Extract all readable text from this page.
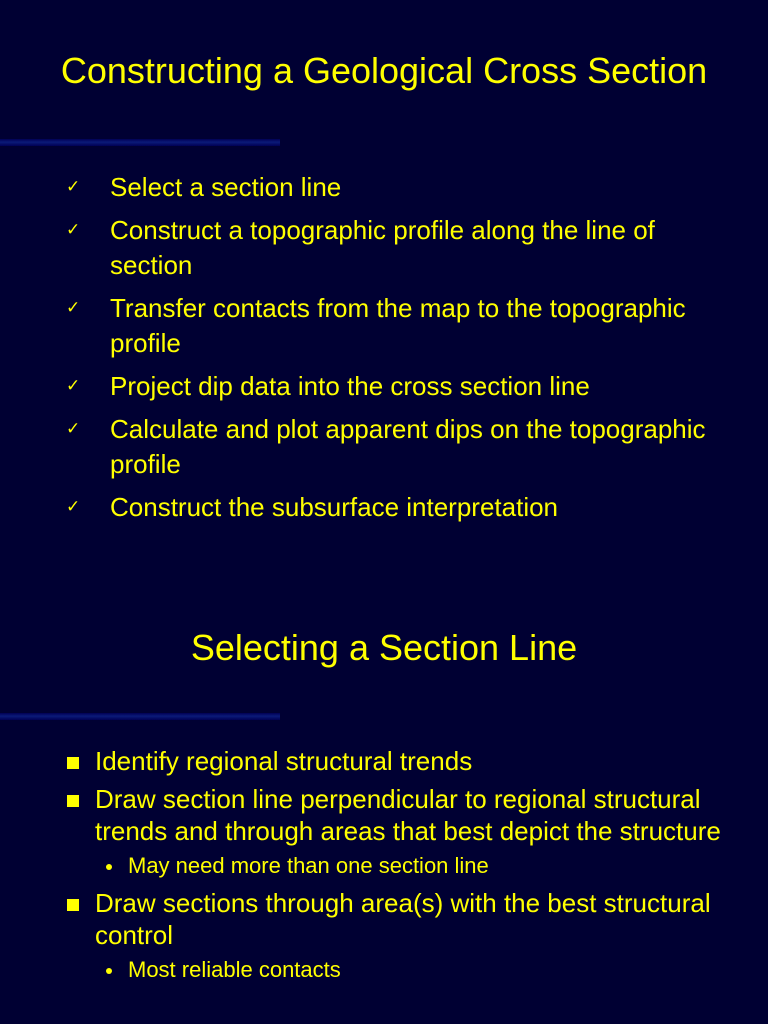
Constructing a Geological Cross Section
✓ Select a section line
✓ Construct a topographic profile along the line of section
✓ Transfer contacts from the map to the topographic profile
✓ Project dip data into the cross section line
✓ Calculate and plot apparent dips on the topographic profile
✓ Construct the subsurface interpretation
Selecting a Section Line
Identify regional structural trends
Draw section line perpendicular to regional structural trends and through areas that best depict the structure
May need more than one section line
Draw sections through area(s) with the best structural control
Most reliable contacts
